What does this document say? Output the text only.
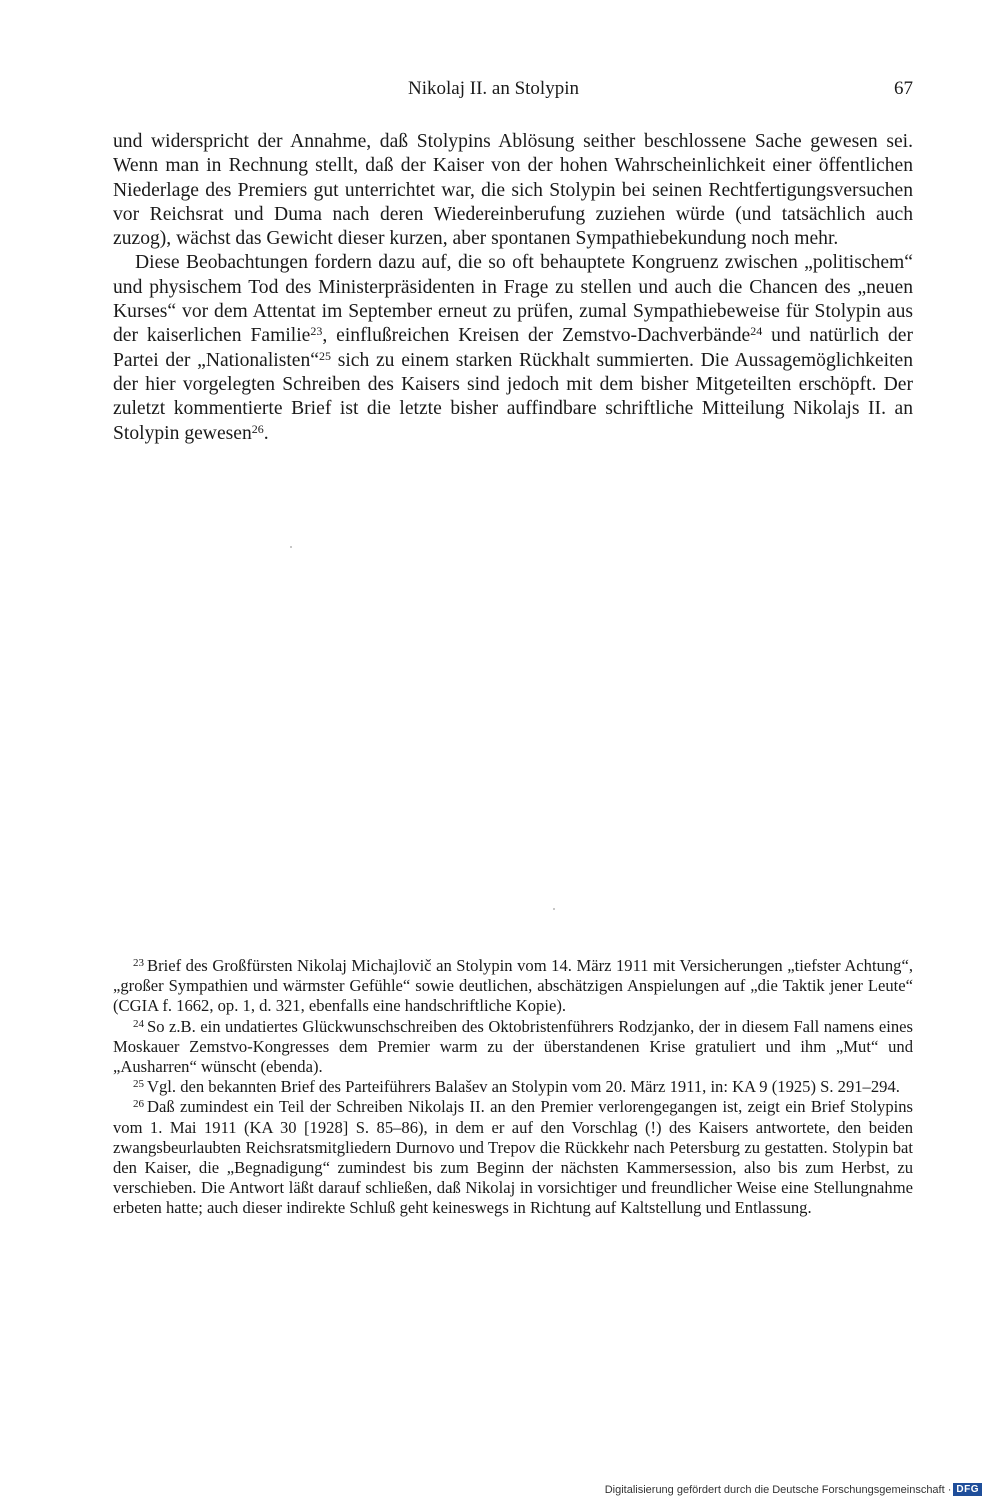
Nikolaj II. an Stolypin	67

und widerspricht der Annahme, daß Stolypins Ablösung seither beschlossene Sache gewesen sei. Wenn man in Rechnung stellt, daß der Kaiser von der hohen Wahrscheinlichkeit einer öffentlichen Niederlage des Premiers gut unterrichtet war, die sich Stolypin bei seinen Rechtfertigungsversuchen vor Reichsrat und Duma nach deren Wiedereinberufung zuziehen würde (und tatsächlich auch zuzog), wächst das Gewicht dieser kurzen, aber spontanen Sympathiebekundung noch mehr.

Diese Beobachtungen fordern dazu auf, die so oft behauptete Kongruenz zwischen „politischem“ und physischem Tod des Ministerpräsidenten in Frage zu stellen und auch die Chancen des „neuen Kurses“ vor dem Attentat im September erneut zu prüfen, zumal Sympathiebeweise für Stolypin aus der kaiserlichen Familie$^{23}$, einflußreichen Kreisen der Zemstvo-Dachverbände$^{24}$ und natürlich der Partei der „Nationalisten“$^{25}$ sich zu einem starken Rückhalt summierten. Die Aussagemöglichkeiten der hier vorgelegten Schreiben des Kaisers sind jedoch mit dem bisher Mitgeteilten erschöpft. Der zuletzt kommentierte Brief ist die letzte bisher auffindbare schriftliche Mitteilung Nikolajs II. an Stolypin gewesen$^{26}$.

$^{23}$ Brief des Großfürsten Nikolaj Michajlovič an Stolypin vom 14. März 1911 mit Versicherungen „tiefster Achtung“, „großer Sympathien und wärmster Gefühle“ sowie deutlichen, abschätzigen Anspielungen auf „die Taktik jener Leute“ (CGIA f. 1662, op. 1, d. 321, ebenfalls eine handschriftliche Kopie).

$^{24}$ So z.B. ein undatiertes Glückwunschschreiben des Oktobristenführers Rodzjanko, der in diesem Fall namens eines Moskauer Zemstvo-Kongresses dem Premier warm zu der überstandenen Krise gratuliert und ihm „Mut“ und „Ausharren“ wünscht (ebenda).

$^{25}$ Vgl. den bekannten Brief des Parteiführers Balašev an Stolypin vom 20. März 1911, in: KA 9 (1925) S. 291–294.

$^{26}$ Daß zumindest ein Teil der Schreiben Nikolajs II. an den Premier verlorengegangen ist, zeigt ein Brief Stolypins vom 1. Mai 1911 (KA 30 [1928] S. 85–86), in dem er auf den Vorschlag (!) des Kaisers antwortete, den beiden zwangsbeurlaubten Reichsratsmitgliedern Durnovo und Trepov die Rückkehr nach Petersburg zu gestatten. Stolypin bat den Kaiser, die „Begnadigung“ zumindest bis zum Beginn der nächsten Kammersession, also bis zum Herbst, zu verschieben. Die Antwort läßt darauf schließen, daß Nikolaj in vorsichtiger und freundlicher Weise eine Stellungnahme erbeten hatte; auch dieser indirekte Schluß geht keineswegs in Richtung auf Kaltstellung und Entlassung.

Digitalisierung gefördert durch die Deutsche Forschungsgemeinschaft · DFG
